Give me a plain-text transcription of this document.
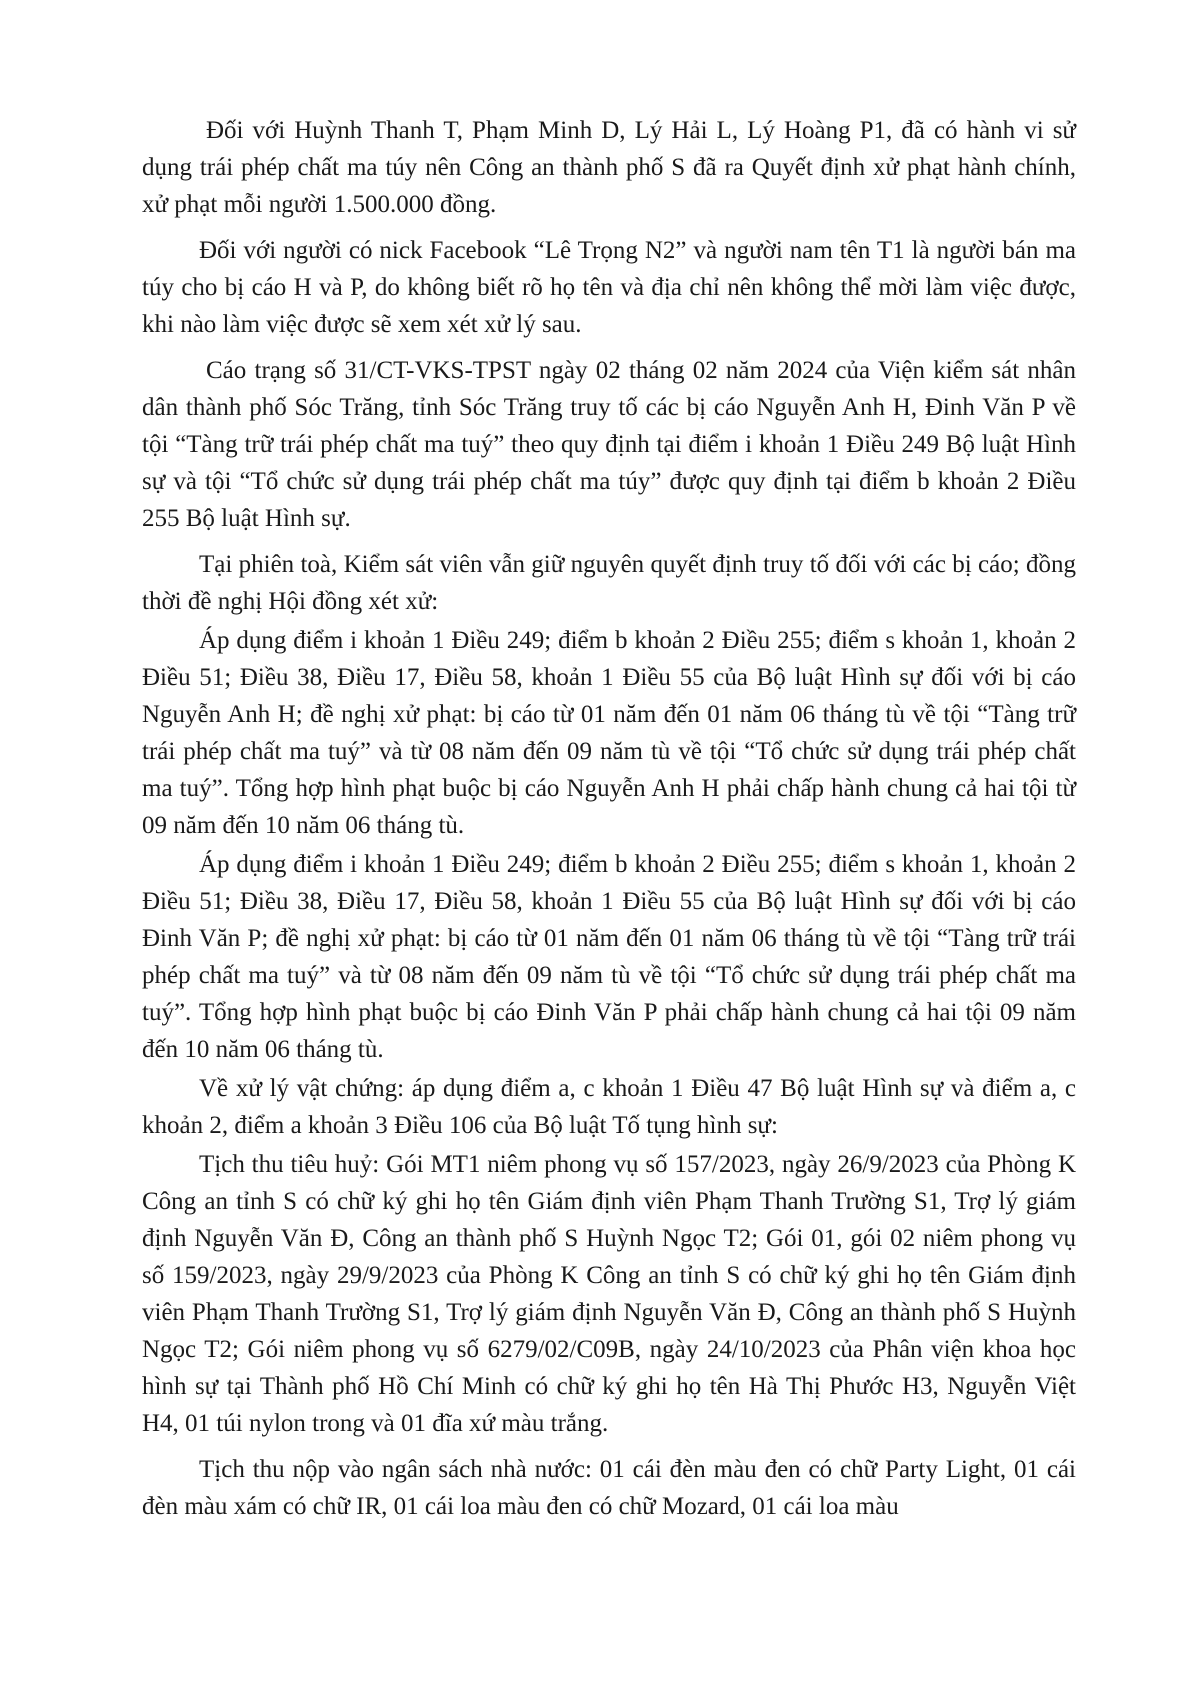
Đối với Huỳnh Thanh T, Phạm Minh D, Lý Hải L, Lý Hoàng P1, đã có hành vi sử dụng trái phép chất ma túy nên Công an thành phố S đã ra Quyết định xử phạt hành chính, xử phạt mỗi người 1.500.000 đồng.

Đối với người có nick Facebook “Lê Trọng N2” và người nam tên T1 là người bán ma túy cho bị cáo H và P, do không biết rõ họ tên và địa chỉ nên không thể mời làm việc được, khi nào làm việc được sẽ xem xét xử lý sau.

Cáo trạng số 31/CT-VKS-TPST ngày 02 tháng 02 năm 2024 của Viện kiểm sát nhân dân thành phố Sóc Trăng, tỉnh Sóc Trăng truy tố các bị cáo Nguyễn Anh H, Đinh Văn P về tội “Tàng trữ trái phép chất ma tuý” theo quy định tại điểm i khoản 1 Điều 249 Bộ luật Hình sự và tội “Tổ chức sử dụng trái phép chất ma túy” được quy định tại điểm b khoản 2 Điều 255 Bộ luật Hình sự.

Tại phiên toà, Kiểm sát viên vẫn giữ nguyên quyết định truy tố đối với các bị cáo; đồng thời đề nghị Hội đồng xét xử:

Áp dụng điểm i khoản 1 Điều 249; điểm b khoản 2 Điều 255; điểm s khoản 1, khoản 2 Điều 51; Điều 38, Điều 17, Điều 58, khoản 1 Điều 55 của Bộ luật Hình sự đối với bị cáo Nguyễn Anh H; đề nghị xử phạt: bị cáo từ 01 năm đến 01 năm 06 tháng tù về tội “Tàng trữ trái phép chất ma tuý” và từ 08 năm đến 09 năm tù về tội “Tổ chức sử dụng trái phép chất ma tuý”. Tổng hợp hình phạt buộc bị cáo Nguyễn Anh H phải chấp hành chung cả hai tội từ 09 năm đến 10 năm 06 tháng tù.

Áp dụng điểm i khoản 1 Điều 249; điểm b khoản 2 Điều 255; điểm s khoản 1, khoản 2 Điều 51; Điều 38, Điều 17, Điều 58, khoản 1 Điều 55 của Bộ luật Hình sự đối với bị cáo Đinh Văn P; đề nghị xử phạt: bị cáo từ 01 năm đến 01 năm 06 tháng tù về tội “Tàng trữ trái phép chất ma tuý” và từ 08 năm đến 09 năm tù về tội “Tổ chức sử dụng trái phép chất ma tuý”. Tổng hợp hình phạt buộc bị cáo Đinh Văn P phải chấp hành chung cả hai tội 09 năm đến 10 năm 06 tháng tù.

Về xử lý vật chứng: áp dụng điểm a, c khoản 1 Điều 47 Bộ luật Hình sự và điểm a, c khoản 2, điểm a khoản 3 Điều 106 của Bộ luật Tố tụng hình sự:

Tịch thu tiêu huỷ: Gói MT1 niêm phong vụ số 157/2023, ngày 26/9/2023 của Phòng K Công an tỉnh S có chữ ký ghi họ tên Giám định viên Phạm Thanh Trường S1, Trợ lý giám định Nguyễn Văn Đ, Công an thành phố S Huỳnh Ngọc T2; Gói 01, gói 02 niêm phong vụ số 159/2023, ngày 29/9/2023 của Phòng K Công an tỉnh S có chữ ký ghi họ tên Giám định viên Phạm Thanh Trường S1, Trợ lý giám định Nguyễn Văn Đ, Công an thành phố S Huỳnh Ngọc T2; Gói niêm phong vụ số 6279/02/C09B, ngày 24/10/2023 của Phân viện khoa học hình sự tại Thành phố Hồ Chí Minh có chữ ký ghi họ tên Hà Thị Phước H3, Nguyễn Việt H4, 01 túi nylon trong và 01 đĩa xứ màu trắng.

Tịch thu nộp vào ngân sách nhà nước: 01 cái đèn màu đen có chữ Party Light, 01 cái đèn màu xám có chữ IR, 01 cái loa màu đen có chữ Mozard, 01 cái loa màu
